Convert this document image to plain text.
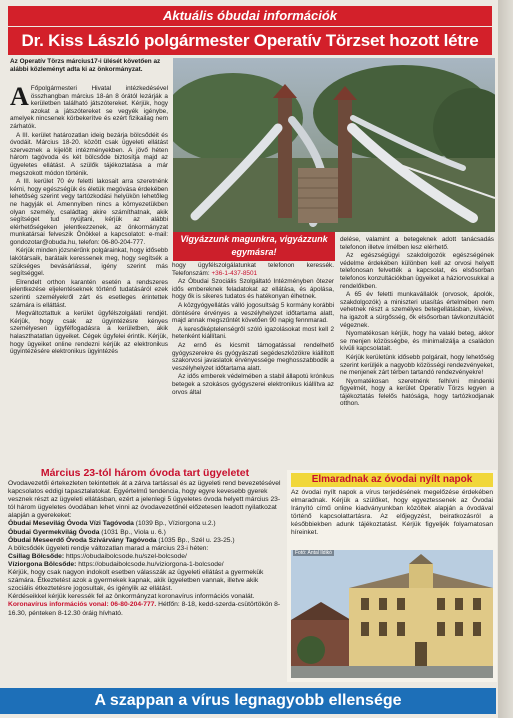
Aktuális óbudai információk
Dr. Kiss László polgármester Operatív Törzset hozott létre
Az Operatív Törzs március17-i ülését követően az alábbi közleményt adta ki az önkormányzat.

A Főpolgármesteri Hivatal intézkedésével összhangban március 18-án 8 órától lezárják a kerületben található játszótereket. Kérjük, hogy azokat a játszótereket se vegyék igénybe, amelyek nincsenek körbekerítve és ezért fizikailag nem zárhatók.

A III. kerület határozatlan ideig bezárja bölcsődéit és óvodáit. Március 18-20. között csak ügyeleti ellátást szerveznek a kijelölt intézményekben. A jövő héten három tagóvoda és két bölcsőde biztosítja majd az ügyeletes ellátást. A szülők tájékoztatása a már megszokott módon történik.

A III. kerület 70 év feletti lakosait arra szeretnénk kérni, hogy egészségük és életük megóvása érdekében lehetőség szerint vegy tartózkodási helyükön lehetőleg ne hagyják el. Amennyiben nincs a környezetükben olyan személy, családtag akire számíthatnak, akik segítséget tud nyújtani, kérjük az alábbi elérhetőségeken jelentkezzenek, az önkormányzat munkatársai felveszik Önökkel a kapcsolatot: e-mail: gondozotar@obuda.hu, telefon: 06-80-204-777.

Kérjük minden józsnérűnk polgárainkat, hogy idősebb lakótársaik, barátaik keressenek meg, hogy segítsék a szükséges bevásárlással, igény szerint más segítséggel.

Elrendelt orthon karantén esetén a rendszeres jelentkezése eljelentéseknek történő tudatásáról ezek szerinti személyekről zárt és esetleges érintettek számára is elláttást.

Megváltoztattuk a kerület ügyfélszolgálati rendjét. Kérjük, hogy csak az ügyintézésre kényes személyesen ügyfélfogadásra a kerületben, akik halaszthatatlan ügyeiket. Cégek ügyfelei érintik. Kérjük, hogy ügyeiket online rendezni kérjük az elektronikus ügyintézésére elektronikus ügyintézés

Vigyázzunk magunkra, vigyázzunk egymásra!

hogy ügyfélszolgálatunkat telefonon keressék. Telefonszám: +36-1-437-8501

Az Óbudai Szociális Szolgáltató Intézményben ötezer idős embereknek feladatokat az ellátása, és ápolása, hogy ők is sikeres tudatos és hatékonyan élhetnek.

A közgyógyellátás válló jogosultság 5 kormány korábbi döntésére érvényes a veszélyhelyzet időtartama alatt, majd annak megszűntét követően 90 napig fennmarad.

A keresőképtelenségről szóló igazolásokat most kell 2 hetenként kiállítani.

Az ernő és kicsmit támogatással rendelhető gyógyszerekre és gyógyászati segédeszközökre kiállított szakorvosi javaslatok érvényessége meghosszabbodik a veszélyhelyzet időtartama alatt.

Az idős emberek védelmében a stabil állapotú krónikus betegek a szokásos gyógyszerei elektronikus kiállítva az orvos által

delése, valamint a betegeknek adott tanácsadás telefonon illetve ímélben lesz elérhető.

Az egészségügyi szakdolgozók egészségének védelme érdekében különben kell az orvosi helyett telefonosan felvették a kapcsolat, és elsősorban telefonos konzultációkban ügyeiket a háziorvosukkal a rendelőkben.

A 65 év feletti munkavállalók (orvosok, ápolók, szakdolgozók) a miniszteri utasítás értelmében nem vehetnek részt a személyes betegellátásban, kivéve, ha igazolt a sürgősség, ők elsősorban távkonzultációt végeznek.

Nyomatékosan kérjük, hogy ha valaki beteg, akkor se menjen közösségbe, és minimalizálja a családon kívüli kapcsolatait.

Kérjük kerületünk idősebb polgárait, hogy lehetőség szerint kerüljék a nagyobb közösségi rendezvényeket, ne menjenek zárt térben tartandó rendezvényekre!

Nyomatékosan szeretnénk felhívni mindenki figyelmét, hogy a kerület Operatív Törzs legyen a tájékoztatás felelős hatósága, hogy tartózkodjanak otthon.

Március 23-tól három óvoda tart ügyeletet

Óvodavezetői értekezleten tekintettek át a zárva tartással és az ügyeleti rend bevezetésével kapcsolatos eddigi tapasztalatokat. Egyértelmű tendencia, hogy egyre kevesebb gyerek vesznek részt az ügyeleti ellátásban, ezért a jelenlegi 5 ügyeletes óvoda helyett március 23-tól három ügyeletes óvodában lehet vinni az óvodavezetőnél előzetesen leadott nyilatkozat alapján a gyerekeket:

Óbudai Mesevilág Óvoda Vízi Tagóvoda (1039 Bp., Víziorgona u.2.)

Óbudai Gyermekvilág Óvoda (1031 Bp., Viola u. 6.)

Óbudai Meseerdő Óvoda Szivárvány Tagóvoda (1035 Bp., Szél u. 23-25.)

A bölcsődék ügyeleti rendje változatlan marad a március 23-i héten:

Csillag Bölcsőde: https://obudaibolcsode.hu/szel-bolcsode/

Víziorgona Bölcsőde: https://obudaibolcsode.hu/viziorgona-1-bolcsode/

Kérjük, hogy csak nagyon indokolt esetben válasszák az ügyeleti ellátást a gyermekük számára. Étkeztetést azok a gyermekek kapnak, akik ügyeletben vannak, illetve akik szociális étkeztetésre jogosultak, és igénylik az ellátást.

Kérdéseikkel kérjük keressék fel az önkormányzat koronavírus információs vonalát. Koronavírus információs vonal: 06-80-204-777. Hétfőn: 8-18, kedd-szerda-csütörtökön 8-16.30, pénteken 8-12.30 óráig hívható.

Elmaradnak az óvodai nyílt napok
Az óvodai nyílt napok a vírus terjedésének megelőzése érdekében elmaradnak. Kérjük a szülőket, hogy egyeztessenek az Óvodai Irányító című online kiadványunkban közöltek alapján a óvodával történő kapcsolattartásra. Az előjegyzést, beiratkozásról a későbbiekben adunk tájékoztatást. Kérjük figyeljék folyamatosan híreinket.
Fotó: Antal Ildikó
A szappan a vírus legnagyobb ellensége
